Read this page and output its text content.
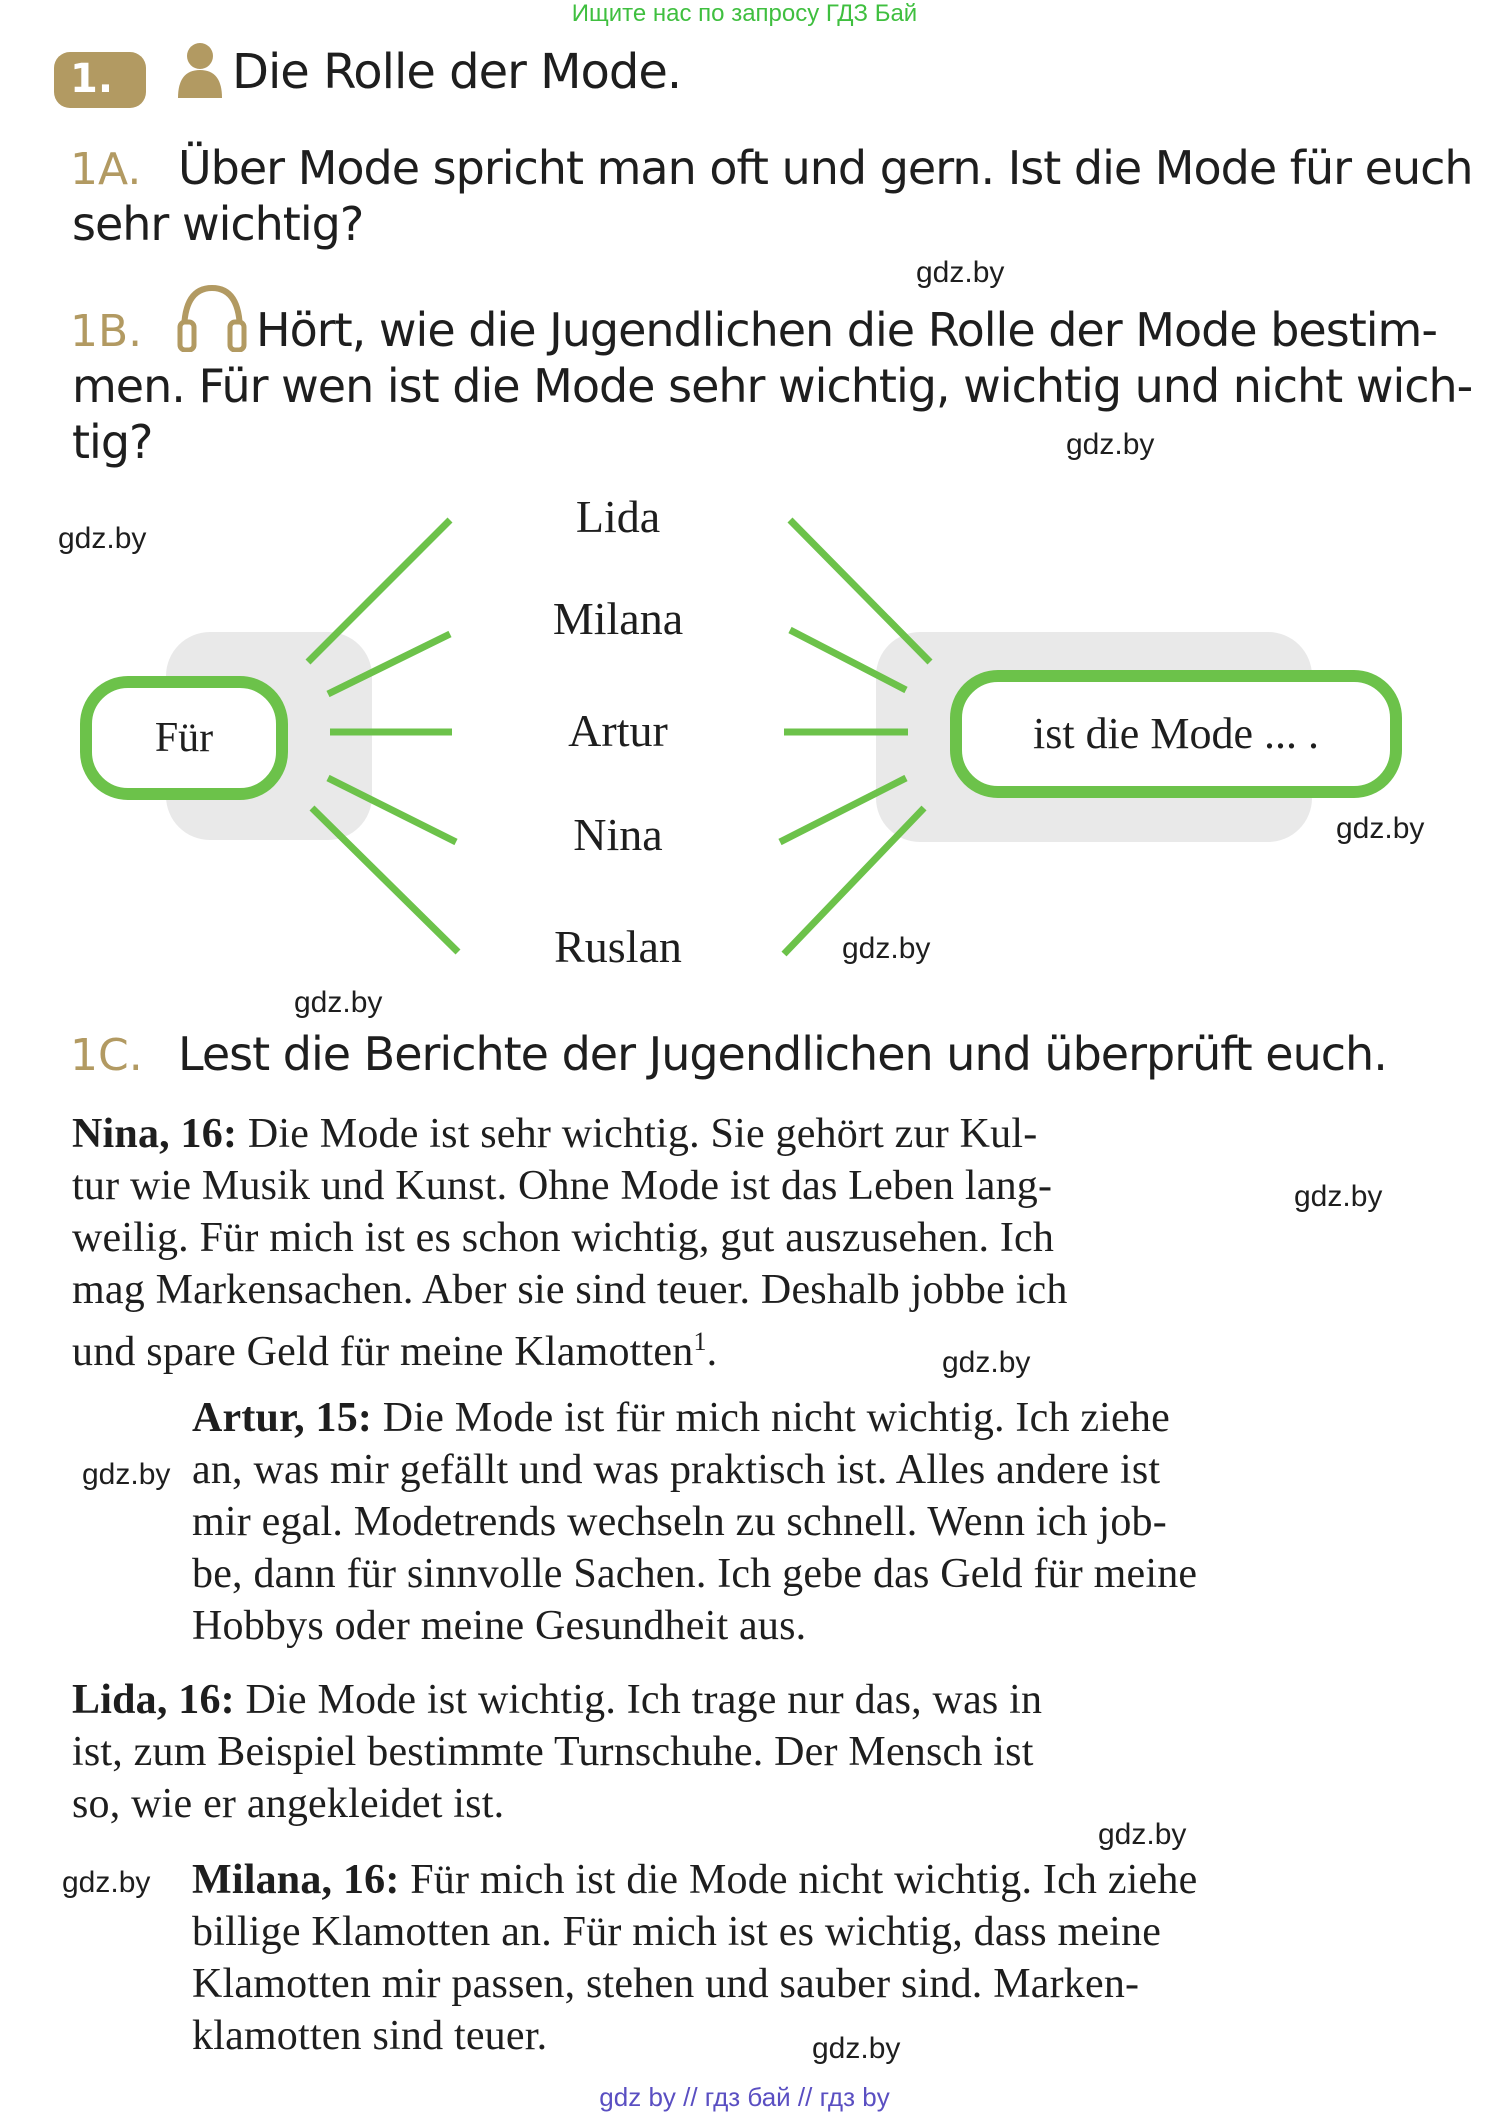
Ищите нас по запросу ГДЗ Бай
gdz by // гдз бай // гдз by
1. Die Rolle der Mode.
1A. Über Mode spricht man oft und gern. Ist die Mode für euch
sehr wichtig?
gdz.by
1B. Hört, wie die Jugendlichen die Rolle der Mode bestim-
men. Für wen ist die Mode sehr wichtig, wichtig und nicht wich-
tig?	gdz.by
gdz.by
Für	ist die Mode ... .
Lida
Milana
Artur
Nina
Ruslan
gdz.by
gdz.by
gdz.by
1C. Lest die Berichte der Jugendlichen und überprüft euch.
Nina, 16: Die Mode ist sehr wichtig. Sie gehört zur Kul-
tur wie Musik und Kunst. Ohne Mode ist das Leben lang-
weilig. Für mich ist es schon wichtig, gut auszusehen. Ich
mag Markensachen. Aber sie sind teuer. Deshalb jobbe ich
und spare Geld für meine Klamotten$^1$.
gdz.by
gdz.by
Artur, 15: Die Mode ist für mich nicht wichtig. Ich ziehe
an, was mir gefällt und was praktisch ist. Alles andere ist
mir egal. Modetrends wechseln zu schnell. Wenn ich job-
be, dann für sinnvolle Sachen. Ich gebe das Geld für meine
Hobbys oder meine Gesundheit aus.
gdz.by
Lida, 16: Die Mode ist wichtig. Ich trage nur das, was in
ist, zum Beispiel bestimmte Turnschuhe. Der Mensch ist
so, wie er angekleidet ist.
gdz.by
gdz.by Milana, 16: Für mich ist die Mode nicht wichtig. Ich ziehe
billige Klamotten an. Für mich ist es wichtig, dass meine
Klamotten mir passen, stehen und sauber sind. Marken-
klamotten sind teuer.	gdz.by
